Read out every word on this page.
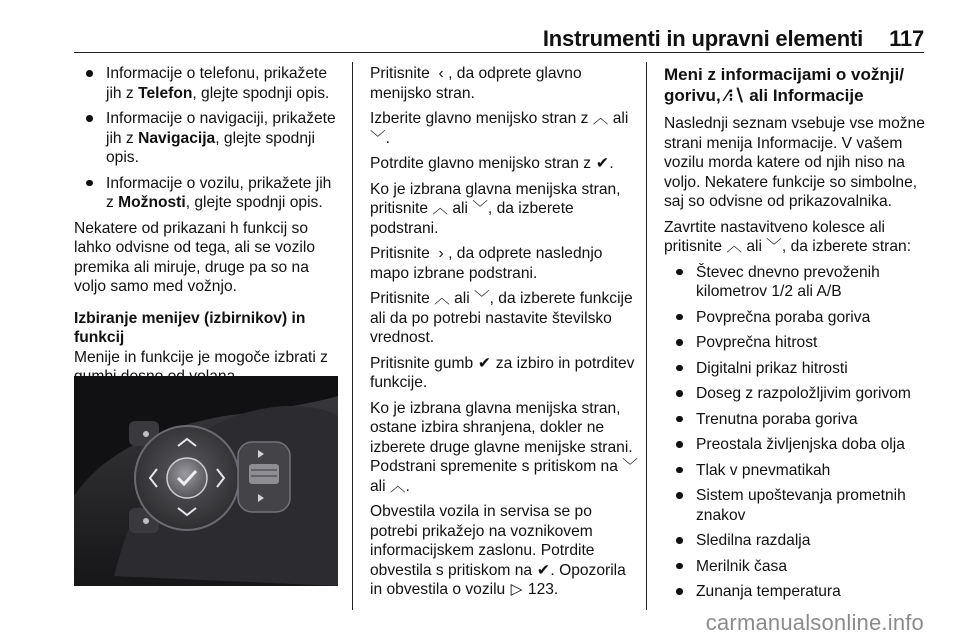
Instrumenti in upravni elementi 117
Informacije o telefonu, prikažete jih z Telefon, glejte spodnji opis.
Informacije o navigaciji, prikažete jih z Navigacija, glejte spodnji opis.
Informacije o vozilu, prikažete jih z Možnosti, glejte spodnji opis.

Nekatere od prikazani h funkcij so lahko odvisne od tega, ali se vozilo premika ali miruje, druge pa so na voljo samo med vožnjo.

Izbiranje menijev (izbirnikov) in funkcij

Menije in funkcije je mogoče izbrati z

Pritisnite ‹ , da odprete glavno menijsko stran.

Izberite glavno menijsko stran z ︿ ali ﹀.

Potrdite glavno menijsko stran z ✔.

Ko je izbrana glavna menijska stran, pritisnite ︿ ali ﹀, da izberete podstrani.

Pritisnite › , da odprete naslednjo mapo izbrane podstrani.

Pritisnite ︿ ali ﹀, da izberete funkcije ali da po potrebi nastavite številsko vrednost.

Pritisnite gumb ✔ za izbiro in potrditev funkcije.

Ko je izbrana glavna menijska stran, ostane izbira shranjena, dokler ne izberete druge glavne menijske strani. Podstrani spremenite s pritiskom na ﹀ ali ︿.

Obvestila vozila in servisa se po potrebi prikažejo na voznikovem informacijskem zaslonu. Potrdite obvestila s pritiskom na ✔. Opozorila in obvestila o vozilu ▷ 123.

Meni z informacijami o vožnji/
gorivu, ⁄⁝∖ ali Informacije

Naslednji seznam vsebuje vse možne strani menija Informacije. V vašem vozilu morda katere od njih niso na voljo. Nekatere funkcije so simbolne, saj so odvisne od prikazovalnika.

Zavrtite nastavitveno kolesce ali pritisnite ︿ ali ﹀, da izberete stran:

Števec dnevno prevoženih kilometrov 1/2 ali A/B
Povprečna poraba goriva
Povprečna hitrost
Digitalni prikaz hitrosti
Doseg z razpoložljivim gorivom
Trenutna poraba goriva
Preostala življenjska doba olja
Tlak v pnevmatikah
Sistem upoštevanja prometnih znakov
Sledilna razdalja
Merilnik časa
Zunanja temperatura
carmanualsonline.info
